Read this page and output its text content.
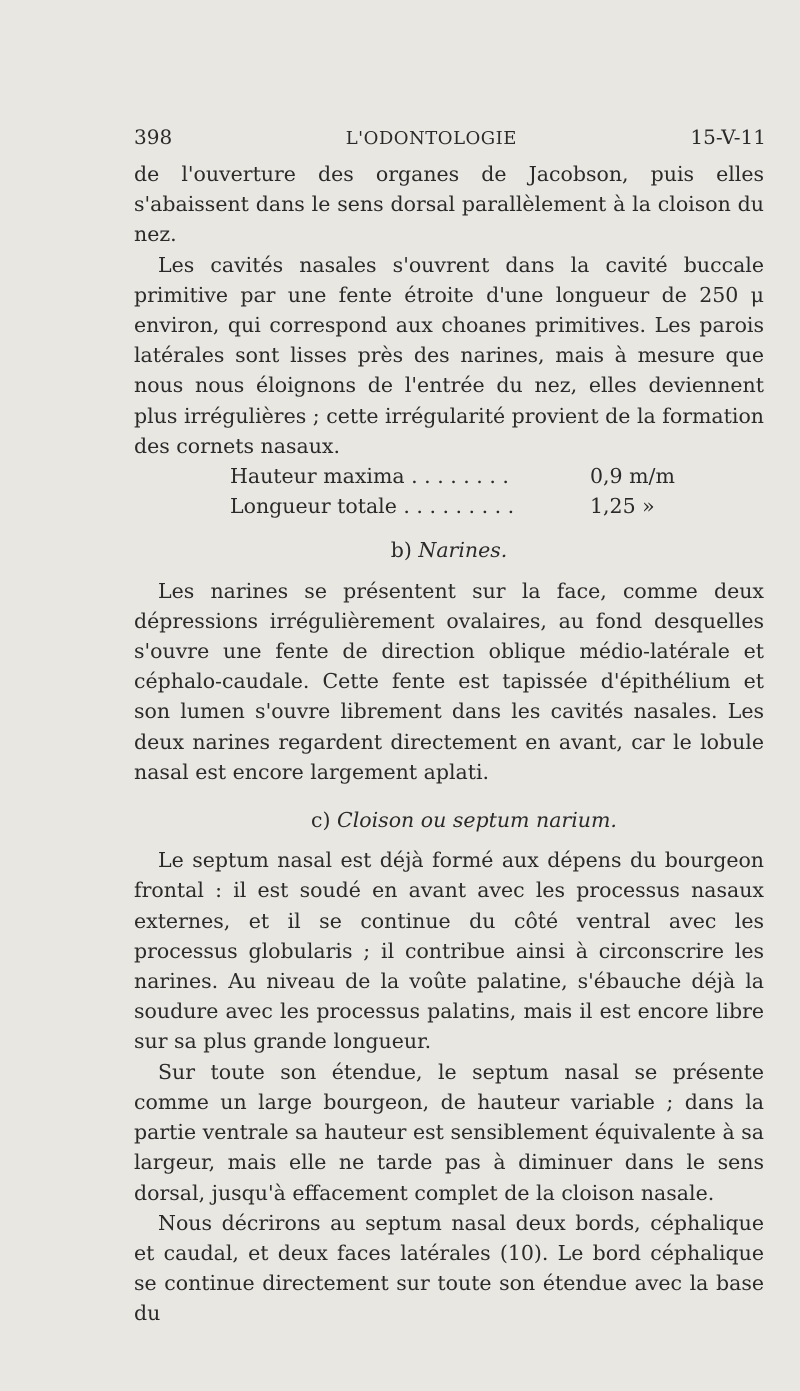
398	L'ODONTOLOGIE	15-V-11

de l'ouverture des organes de Jacobson, puis elles s'abaissent dans le sens dorsal parallèlement à la cloison du nez.

Les cavités nasales s'ouvrent dans la cavité buccale primitive par une fente étroite d'une longueur de 250 μ environ, qui correspond aux choanes primitives. Les parois latérales sont lisses près des narines, mais à mesure que nous nous éloignons de l'entrée du nez, elles deviennent plus irrégulières ; cette irrégularité provient de la formation des cornets nasaux.

Hauteur maxima . . . . . . . .	0,9 m/m
Longueur totale . . . . . . . . .	1,25 »
b) Narines.

Les narines se présentent sur la face, comme deux dépressions irrégulièrement ovalaires, au fond desquelles s'ouvre une fente de direction oblique médio-latérale et céphalo-caudale. Cette fente est tapissée d'épithélium et son lumen s'ouvre librement dans les cavités nasales. Les deux narines regardent directement en avant, car le lobule nasal est encore largement aplati.

c) Cloison ou septum narium.

Le septum nasal est déjà formé aux dépens du bourgeon frontal : il est soudé en avant avec les processus nasaux externes, et il se continue du côté ventral avec les processus globularis ; il contribue ainsi à circonscrire les narines. Au niveau de la voûte palatine, s'ébauche déjà la soudure avec les processus palatins, mais il est encore libre sur sa plus grande longueur.

Sur toute son étendue, le septum nasal se présente comme un large bourgeon, de hauteur variable ; dans la partie ventrale sa hauteur est sensiblement équivalente à sa largeur, mais elle ne tarde pas à diminuer dans le sens dorsal, jusqu'à effacement complet de la cloison nasale.

Nous décrirons au septum nasal deux bords, céphalique et caudal, et deux faces latérales (10). Le bord céphalique se continue directement sur toute son étendue avec la base du
